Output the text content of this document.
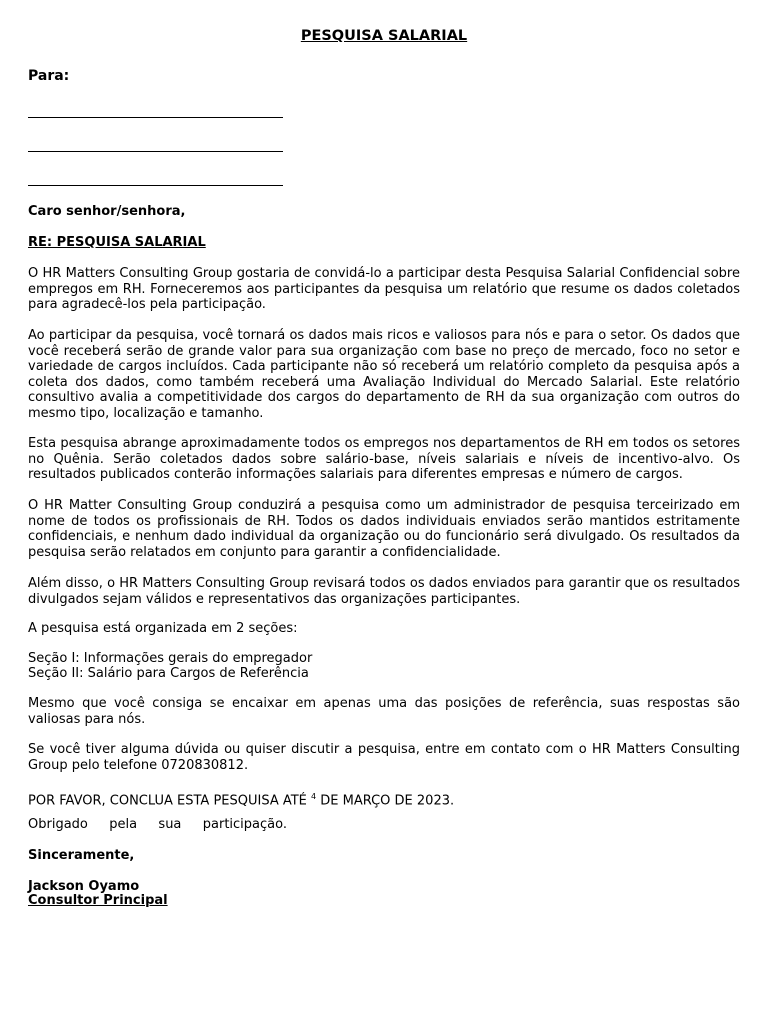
PESQUISA SALARIAL
Para:
Caro senhor/senhora,
RE: PESQUISA SALARIAL

O HR Matters Consulting Group gostaria de convidá-lo a participar desta Pesquisa Salarial Confidencial sobre empregos em RH. Forneceremos aos participantes da pesquisa um relatório que resume os dados coletados para agradecê-los pela participação.

Ao participar da pesquisa, você tornará os dados mais ricos e valiosos para nós e para o setor. Os dados que você receberá serão de grande valor para sua organização com base no preço de mercado, foco no setor e variedade de cargos incluídos. Cada participante não só receberá um relatório completo da pesquisa após a coleta dos dados, como também receberá uma Avaliação Individual do Mercado Salarial. Este relatório consultivo avalia a competitividade dos cargos do departamento de RH da sua organização com outros do mesmo tipo, localização e tamanho.

Esta pesquisa abrange aproximadamente todos os empregos nos departamentos de RH em todos os setores no Quênia. Serão coletados dados sobre salário-base, níveis salariais e níveis de incentivo-alvo. Os resultados publicados conterão informações salariais para diferentes empresas e número de cargos.

O HR Matter Consulting Group conduzirá a pesquisa como um administrador de pesquisa terceirizado em nome de todos os profissionais de RH. Todos os dados individuais enviados serão mantidos estritamente confidenciais, e nenhum dado individual da organização ou do funcionário será divulgado. Os resultados da pesquisa serão relatados em conjunto para garantir a confidencialidade.

Além disso, o HR Matters Consulting Group revisará todos os dados enviados para garantir que os resultados divulgados sejam válidos e representativos das organizações participantes.

A pesquisa está organizada em 2 seções:

Seção I: Informações gerais do empregador

Seção II: Salário para Cargos de Referência

Mesmo que você consiga se encaixar em apenas uma das posições de referência, suas respostas são valiosas para nós.

Se você tiver alguma dúvida ou quiser discutir a pesquisa, entre em contato com o HR Matters Consulting Group pelo telefone 0720830812.

POR FAVOR, CONCLUA ESTA PESQUISA ATÉ $^4$ DE MARÇO DE 2023.

Obrigado pela sua participação.
Sinceramente,
Jackson Oyamo
Consultor Principal
